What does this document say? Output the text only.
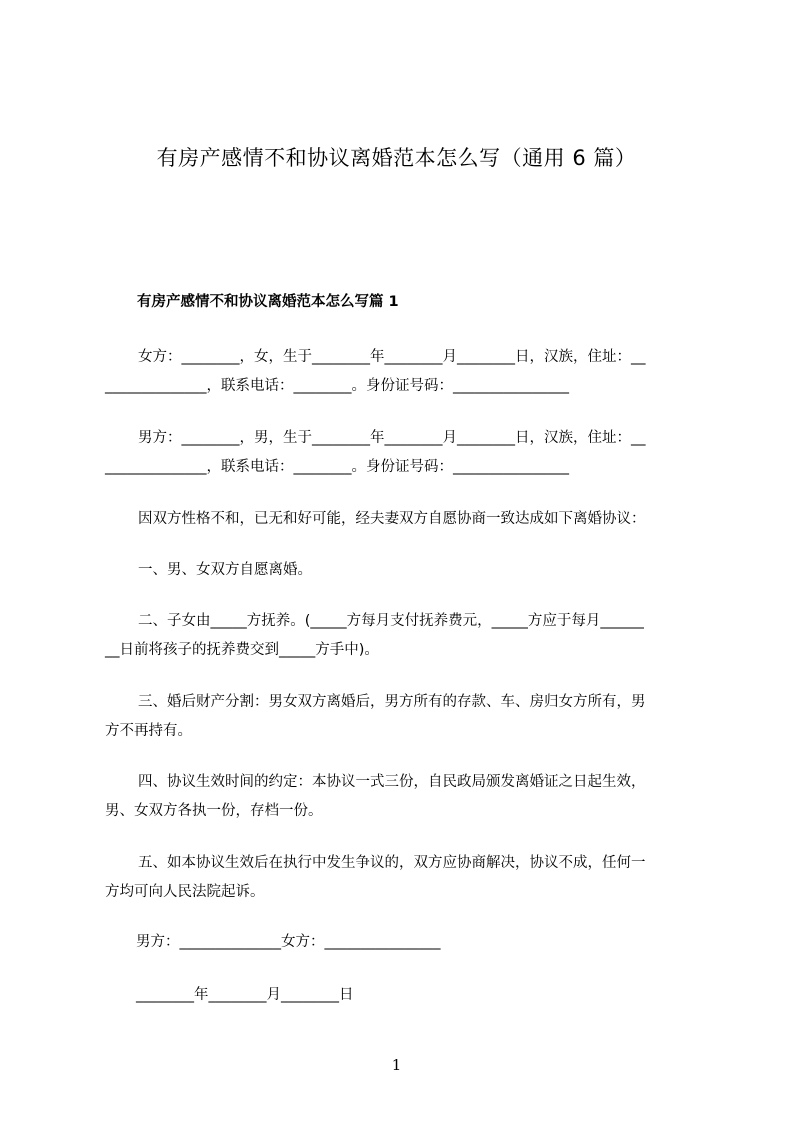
有房产感情不和协议离婚范本怎么写（通用 6 篇）
有房产感情不和协议离婚范本怎么写篇 1
女方：________，女，生于________年________月________日，汉族，住址：__
______________，联系电话：________。身份证号码：________________
男方：________，男，生于________年________月________日，汉族，住址：__
______________，联系电话：________。身份证号码：________________
因双方性格不和，已无和好可能，经夫妻双方自愿协商一致达成如下离婚协议：
一、男、女双方自愿离婚。
二、子女由_____方抚养。(_____方每月支付抚养费元，_____方应于每月______
__日前将孩子的抚养费交到_____方手中)。
三、婚后财产分割：男女双方离婚后，男方所有的存款、车、房归女方所有，男
方不再持有。
四、协议生效时间的约定：本协议一式三份，自民政局颁发离婚证之日起生效，
男、女双方各执一份，存档一份。
五、如本协议生效后在执行中发生争议的，双方应协商解决，协议不成，任何一
方均可向人民法院起诉。
男方：______________女方：________________
________年________月________日
1
